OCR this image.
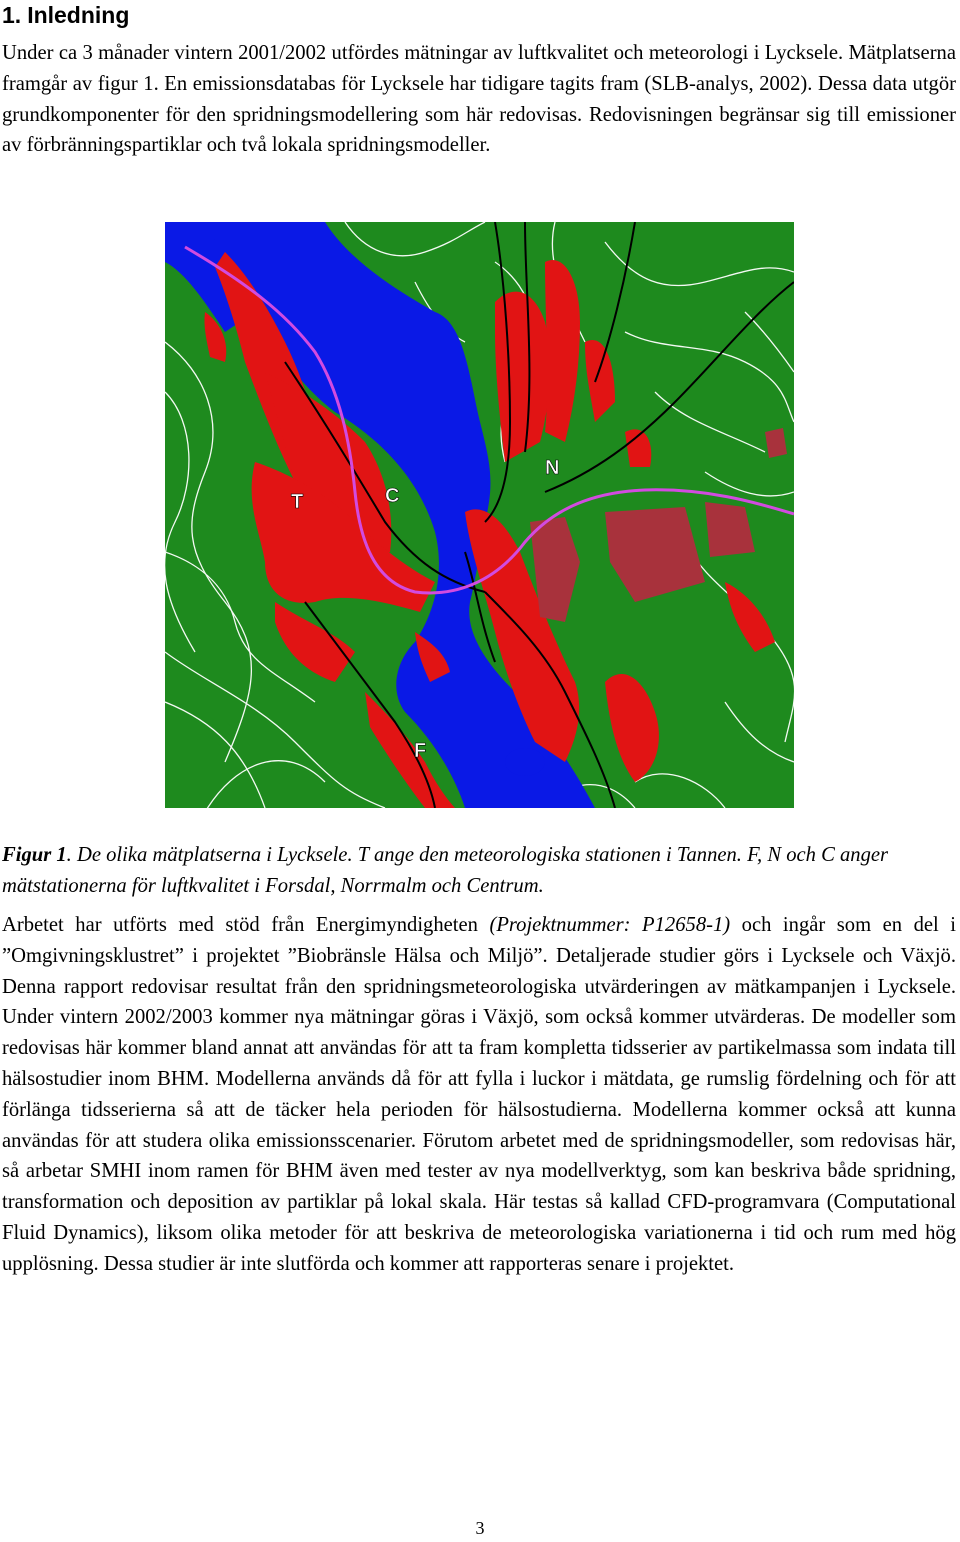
1. Inledning
Under ca 3 månader vintern 2001/2002 utfördes mätningar av luftkvalitet och meteorologi i Lycksele. Mätplatserna framgår av figur 1. En emissionsdatabas för Lycksele har tidigare tagits fram (SLB-analys, 2002). Dessa data utgör grundkomponenter för den spridningsmodellering som här redovisas. Redovisningen begränsar sig till emissioner av förbränningspartiklar och två lokala spridningsmodeller.
T	C
N
F
Figur 1. De olika mätplatserna i Lycksele. T ange den meteorologiska stationen i Tannen. F, N och C anger mätstationerna för luftkvalitet i Forsdal, Norrmalm och Centrum.
Arbetet har utförts med stöd från Energimyndigheten (Projektnummer: P12658-1) och ingår som en del i ”Omgivningsklustret” i projektet ”Biobränsle Hälsa och Miljö”. Detaljerade studier görs i Lycksele och Växjö. Denna rapport redovisar resultat från den spridningsmeteorologiska utvärderingen av mätkampanjen i Lycksele. Under vintern 2002/2003 kommer nya mätningar göras i Växjö, som också kommer utvärderas. De modeller som redovisas här kommer bland annat att användas för att ta fram kompletta tidsserier av partikelmassa som indata till hälsostudier inom BHM. Modellerna används då för att fylla i luckor i mätdata, ge rumslig fördelning och för att förlänga tidsserierna så att de täcker hela perioden för hälsostudierna. Modellerna kommer också att kunna användas för att studera olika emissionsscenarier. Förutom arbetet med de spridningsmodeller, som redovisas här, så arbetar SMHI inom ramen för BHM även med tester av nya modellverktyg, som kan beskriva både spridning, transformation och deposition av partiklar på lokal skala. Här testas så kallad CFD-programvara (Computational Fluid Dynamics), liksom olika metoder för att beskriva de meteorologiska variationerna i tid och rum med hög upplösning. Dessa studier är inte slutförda och kommer att rapporteras senare i projektet.
3
